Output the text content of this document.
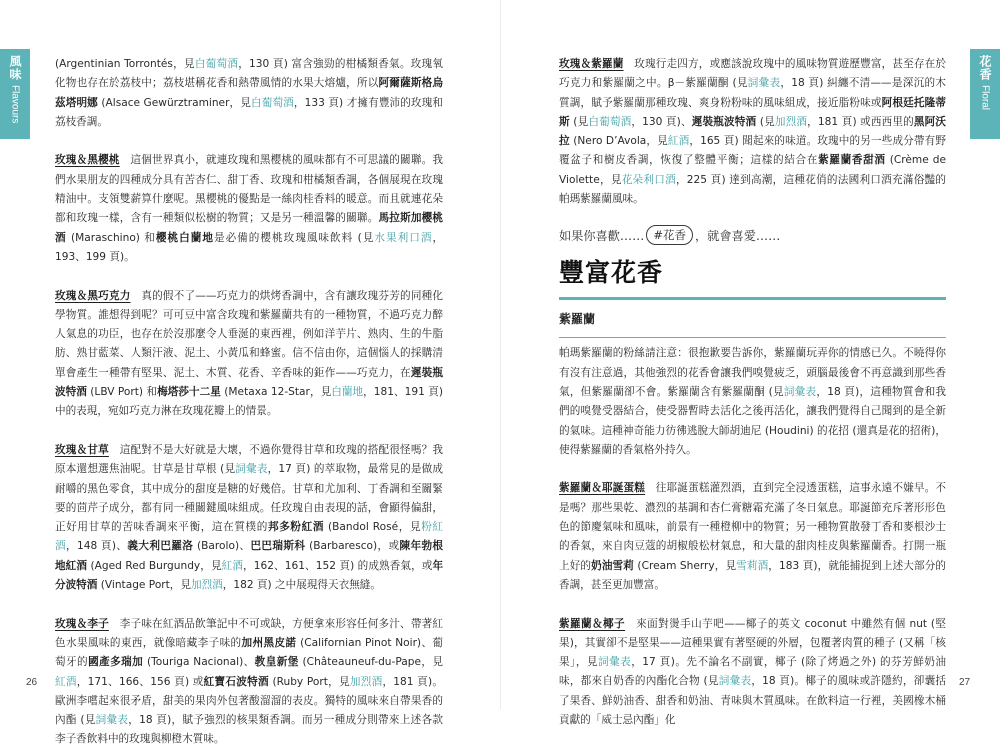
風味
Flavours

(Argentinian Torrontés，見白葡萄酒，130 頁) 富含強勁的柑橘類香氣。玫瑰氧化物也存在於荔枝中；荔枝堪稱花香和熱帶風情的水果大熔爐，所以阿爾薩斯格烏茲塔明娜 (Alsace Gewürztraminer，見白葡萄酒，133 頁) 才擁有豐沛的玫瑰和荔枝香調。

玫瑰＆黑櫻桃　這個世界真小，就連玫瑰和黑櫻桃的風味都有不可思議的關聯。我們水果朋友的四種成分具有苦杏仁、甜丁香、玫瑰和柑橘類香調，各個展現在玫瑰精油中。支領雙薪算什麼呢。黑櫻桃的優點是一絲肉桂香料的暖意。而且就連花朵都和玫瑰一樣，含有一種類似松樹的物質；又是另一種溫馨的關聯。馬拉斯加櫻桃酒 (Maraschino) 和櫻桃白蘭地是必備的櫻桃玫瑰風味飲料 (見水果利口酒，193、199 頁)。

玫瑰＆黑巧克力　真的假不了——巧克力的烘烤香調中，含有讓玫瑰芬芳的同種化學物質。誰想得到呢？可可豆中富含玫瑰和紫羅蘭共有的一種物質，不過巧克力醉人氣息的功臣，也存在於沒那麼令人垂涎的東西裡，例如洋芋片、熟肉、生的牛脂肪、熟甘藍菜、人類汗液、泥土、小黃瓜和蜂蜜。信不信由你，這個惱人的採購清單會產生一種帶有堅果、泥土、木質、花香、辛香味的鉅作——巧克力，在遲裝瓶波特酒 (LBV Port) 和梅塔莎十二星 (Metaxa 12-Star，見白蘭地，181、191 頁) 中的表現，宛如巧克力淋在玫瑰花瓣上的情景。

玫瑰＆甘草　這配對不是大好就是大壞，不過你覺得甘草和玫瑰的搭配很怪嗎？我原本還想選焦油呢。甘草是甘草根 (見詞彙表，17 頁) 的萃取物，最常見的是做成耐嚼的黑色零食，其中成分的甜度是糖的好幾倍。甘草和尤加利、丁香調和至關緊要的茴芹子成分，都有同一種關鍵風味組成。任玫瑰自由表現的話，會顯得偏甜，正好用甘草的苦味香調來平衡，這在質樸的邦多粉紅酒 (Bandol Rosé，見粉紅酒，148 頁)、義大利巴羅洛 (Barolo)、巴巴瑞斯科 (Barbaresco)，或陳年勃根地紅酒 (Aged Red Burgundy，見紅酒，162、161、152 頁) 的成熟香氣，或年分波特酒 (Vintage Port，見加烈酒，182 頁) 之中展現得天衣無縫。

玫瑰＆李子　李子味在紅酒品飲筆記中不可或缺，方便拿來形容任何多汁、帶著紅色水果風味的東西，就像暗藏李子味的加州黑皮諾 (Californian Pinot Noir)、葡萄牙的國產多瑞加 (Touriga Nacional)、教皇新堡 (Châteauneuf-du-Pape，見紅酒，171、166、156 頁) 或紅寶石波特酒 (Ruby Port，見加烈酒，181 頁)。歐洲李嚐起來很矛盾，甜美的果肉外包著酸溜溜的表皮。獨特的風味來自帶果香的內酯 (見詞彙表，18 頁)，賦予強烈的核果類香調。而另一種成分則帶來上述各款李子香飲料中的玫瑰與柳橙木質味。

26
花香
Floral

玫瑰＆紫羅蘭　玫瑰行走四方，或應該說玫瑰中的風味物質遊歷豐富，甚至存在於巧克力和紫羅蘭之中。β－紫羅蘭酮 (見詞彙表，18 頁) 糾纏不清——是深沉的木質調，賦予紫羅蘭那種玫瑰、爽身粉粉味的風味組成，接近脂粉味或阿根廷托隆蒂斯 (見白葡萄酒，130 頁)、遲裝瓶波特酒 (見加烈酒，181 頁) 或西西里的黑阿沃拉 (Nero D’Avola，見紅酒，165 頁) 聞起來的味道。玫瑰中的另一些成分帶有野覆盆子和樹皮香調，恢復了整體平衡；這樣的結合在紫羅蘭香甜酒 (Crème de Violette，見花朵利口酒，225 頁) 達到高潮，這種花俏的法國利口酒充滿俗豔的帕瑪紫羅蘭風味。

如果你喜歡…… #花香 ，就會喜愛……
豐富花香
紫羅蘭

帕瑪紫羅蘭的粉絲請注意：很抱歉要告訴你，紫羅蘭玩弄你的情感已久。不曉得你有沒有注意過，其他強烈的花香會讓我們嗅覺疲乏，頭腦最後會不再意識到那些香氣，但紫羅蘭卻不會。紫羅蘭含有紫羅蘭酮 (見詞彙表，18 頁)，這種物質會和我們的嗅覺受器結合，使受器暫時去活化之後再活化，讓我們覺得自己聞到的是全新的氣味。這種神奇能力彷彿逃脫大師胡迪尼 (Houdini) 的花招 (還真是花的招術)，使得紫羅蘭的香氣格外持久。

紫羅蘭＆耶誕蛋糕　往耶誕蛋糕灌烈酒，直到完全浸透蛋糕，這事永遠不嫌早。不是嗎？那些果乾、濃烈的基調和杏仁膏糖霜充滿了冬日氣息。耶誕節充斥著形形色色的節慶氣味和風味，前景有一種橙柳中的物質；另一種物質散發丁香和麥根沙士的香氣，來自肉豆蔻的胡椒般松材氣息，和大量的甜肉桂皮與紫羅蘭香。打開一瓶上好的奶油雪莉 (Cream Sherry，見雪莉酒，183 頁)，就能捕捉到上述大部分的香調，甚至更加豐富。

紫羅蘭＆椰子　來面對燙手山芋吧——椰子的英文 coconut 中雖然有個 nut (堅果)，其實卻不是堅果——這種果實有著堅硬的外層，包覆著肉質的種子 (又稱「核果」，見詞彙表，17 頁)。先不論名不副實，椰子 (除了烤過之外) 的芬芳鮮奶油味，都來自奶香的內酯化合物 (見詞彙表，18 頁)。椰子的風味或許隱約，卻囊括了果香、鮮奶油香、甜香和奶油、青味與木質風味。在飲料這一行裡，美國橡木桶貢獻的「威士忌內酯」化

27
